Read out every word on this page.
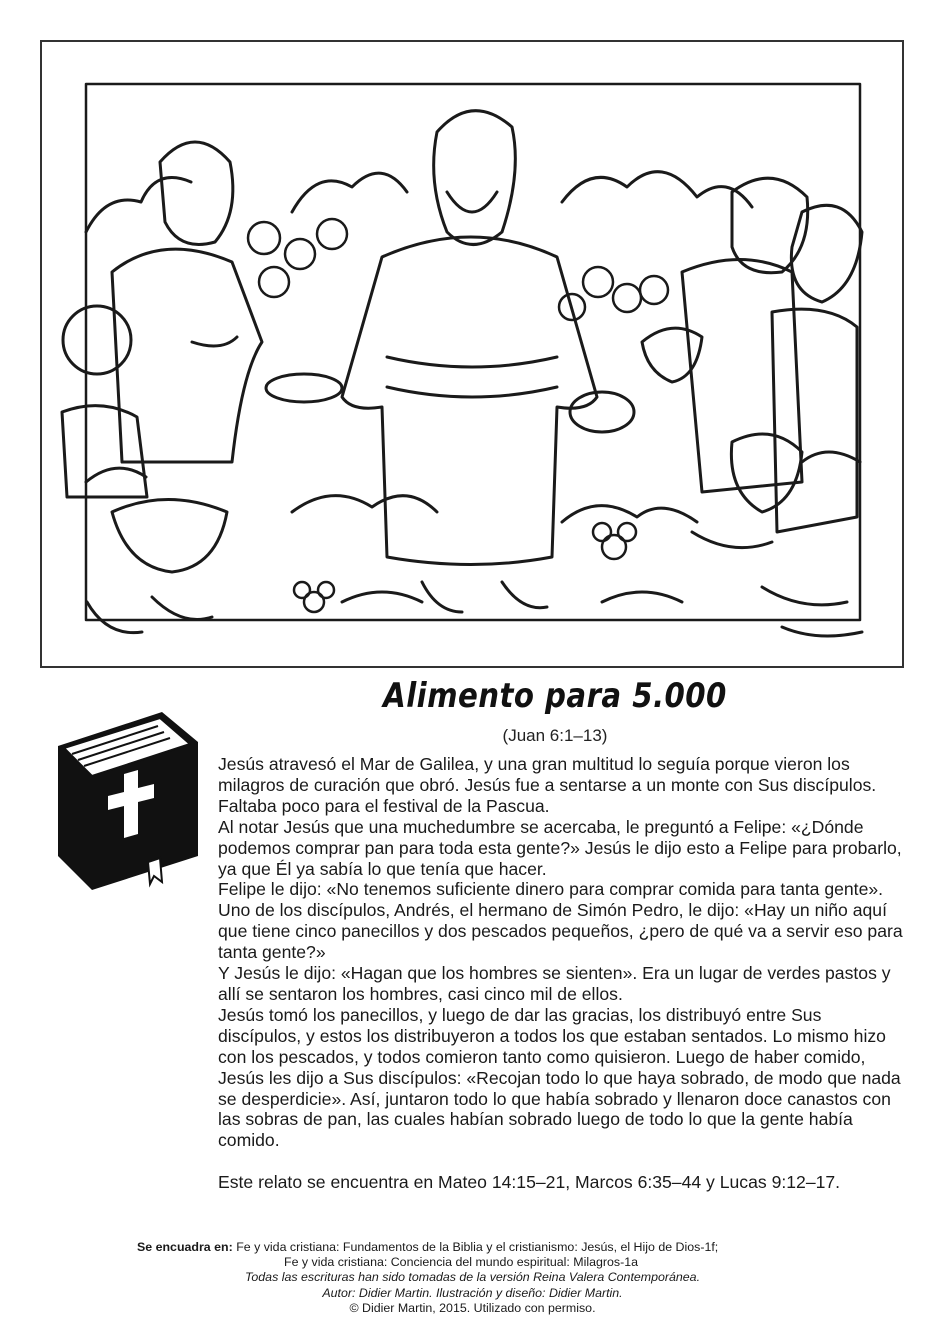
Alimento para 5.000
(Juan 6:1–13)

Jesús atravesó el Mar de Galilea, y una gran multitud lo seguía porque vieron los milagros de curación que obró. Jesús fue a sentarse a un monte con Sus discípulos. Faltaba poco para el festival de la Pascua.

Al notar Jesús que una muchedumbre se acercaba, le preguntó a Felipe: «¿Dónde podemos comprar pan para toda esta gente?» Jesús le dijo esto a Felipe para probarlo, ya que Él ya sabía lo que tenía que hacer.

Felipe le dijo: «No tenemos suficiente dinero para comprar comida para tanta gente».

Uno de los discípulos, Andrés, el hermano de Simón Pedro, le dijo: «Hay un niño aquí que tiene cinco panecillos y dos pescados pequeños, ¿pero de qué va a servir eso para tanta gente?»

Y Jesús le dijo: «Hagan que los hombres se sienten». Era un lugar de verdes pastos y allí se sentaron los hombres, casi cinco mil de ellos.

Jesús tomó los panecillos, y luego de dar las gracias, los distribuyó entre Sus discípulos, y estos los distribuyeron a todos los que estaban sentados. Lo mismo hizo con los pescados, y todos comieron tanto como quisieron. Luego de haber comido, Jesús les dijo a Sus discípulos: «Recojan todo lo que haya sobrado, de modo que nada se desperdicie». Así, juntaron todo lo que había sobrado y llenaron doce canastos con las sobras de pan, las cuales habían sobrado luego de todo lo que la gente había comido.

Este relato se encuentra en Mateo 14:15–21, Marcos 6:35–44 y Lucas 9:12–17.

Se encuadra en: Fe y vida cristiana: Fundamentos de la Biblia y el cristianismo: Jesús, el Hijo de Dios-1f;
Fe y vida cristiana: Conciencia del mundo espiritual: Milagros-1a
Todas las escrituras han sido tomadas de la versión Reina Valera Contemporánea.
Autor: Didier Martin. Ilustración y diseño: Didier Martin.
© Didier Martin, 2015. Utilizado con permiso.
